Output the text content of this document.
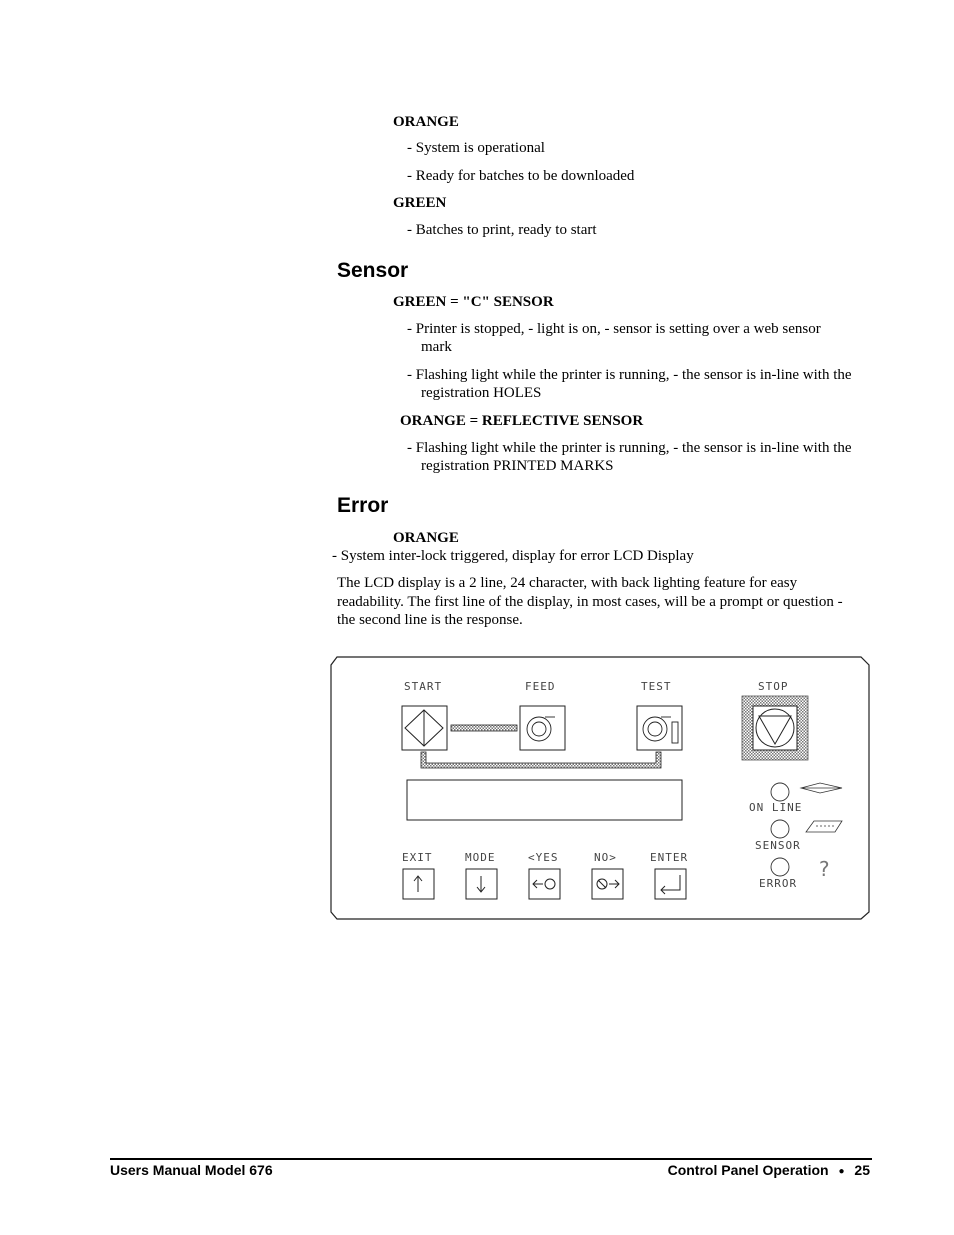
ORANGE
- System is operational
- Ready for batches to be downloaded
GREEN
- Batches to print, ready to start
Sensor
GREEN = "C" SENSOR
- Printer is stopped, - light is on, - sensor is setting over a web sensor
mark
- Flashing light while the printer is running, - the sensor is in-line with the
registration HOLES
ORANGE = REFLECTIVE SENSOR
- Flashing light while the printer is running, - the sensor is in-line with the
registration PRINTED MARKS
Error
ORANGE
- System inter-lock triggered, display for error LCD Display
The LCD display is a 2 line, 24 character, with back lighting feature for easy
readability. The first line of the display, in most cases, will be a prompt or question -
the second line is the response.
START	FEED	TEST	STOP
ON LINE
SENSOR
?
ERROR
EXIT	MODE	<YES	NO>	ENTER
Users Manual Model 676	Control Panel Operation ● 25
